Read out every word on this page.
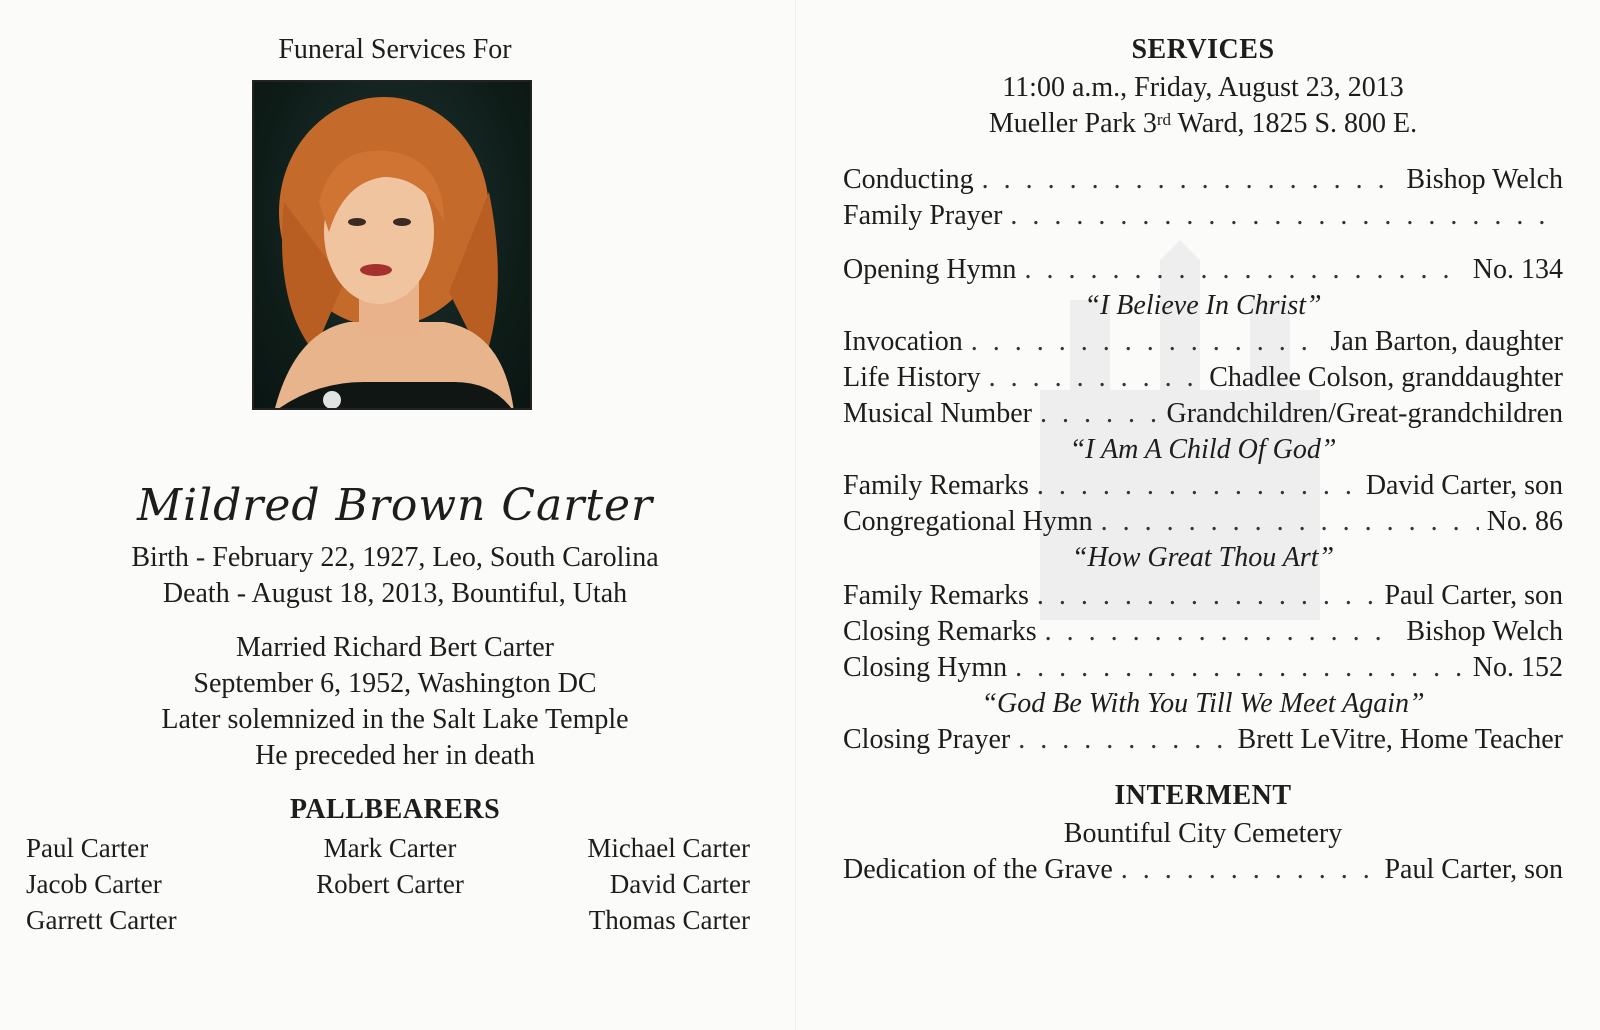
Funeral Services For
Mildred Brown Carter
Birth - February 22, 1927, Leo, South Carolina
Death - August 18, 2013, Bountiful, Utah
Married Richard Bert Carter
September 6, 1952, Washington DC
Later solemnized in the Salt Lake Temple
He preceded her in death
PALLBEARERS
Paul Carter
Jacob Carter
Garrett Carter
Mark Carter
Robert Carter
Michael Carter
David Carter
Thomas Carter
SERVICES
11:00 a.m., Friday, August 23, 2013
Mueller Park 3rd Ward, 1825 S. 800 E.
Conducting . . .	Bishop Welch
Family Prayer
. . .
Opening Hymn . . .	No. 134
“I Believe In Christ”
Invocation . . .	Jan Barton, daughter
Life History . . .	Chadlee Colson, granddaughter
Musical Number . . .	Grandchildren/Great-grandchildren
“I Am A Child Of God”
Family Remarks . . .	David Carter, son
Congregational Hymn . . .	No. 86
“How Great Thou Art”
Family Remarks . . .	Paul Carter, son
Closing Remarks . . .	Bishop Welch
Closing Hymn . . .	No. 152
“God Be With You Till We Meet Again”
Closing Prayer . . .	Brett LeVitre, Home Teacher
INTERMENT
Bountiful City Cemetery
Dedication of the Grave . . .	Paul Carter, son
